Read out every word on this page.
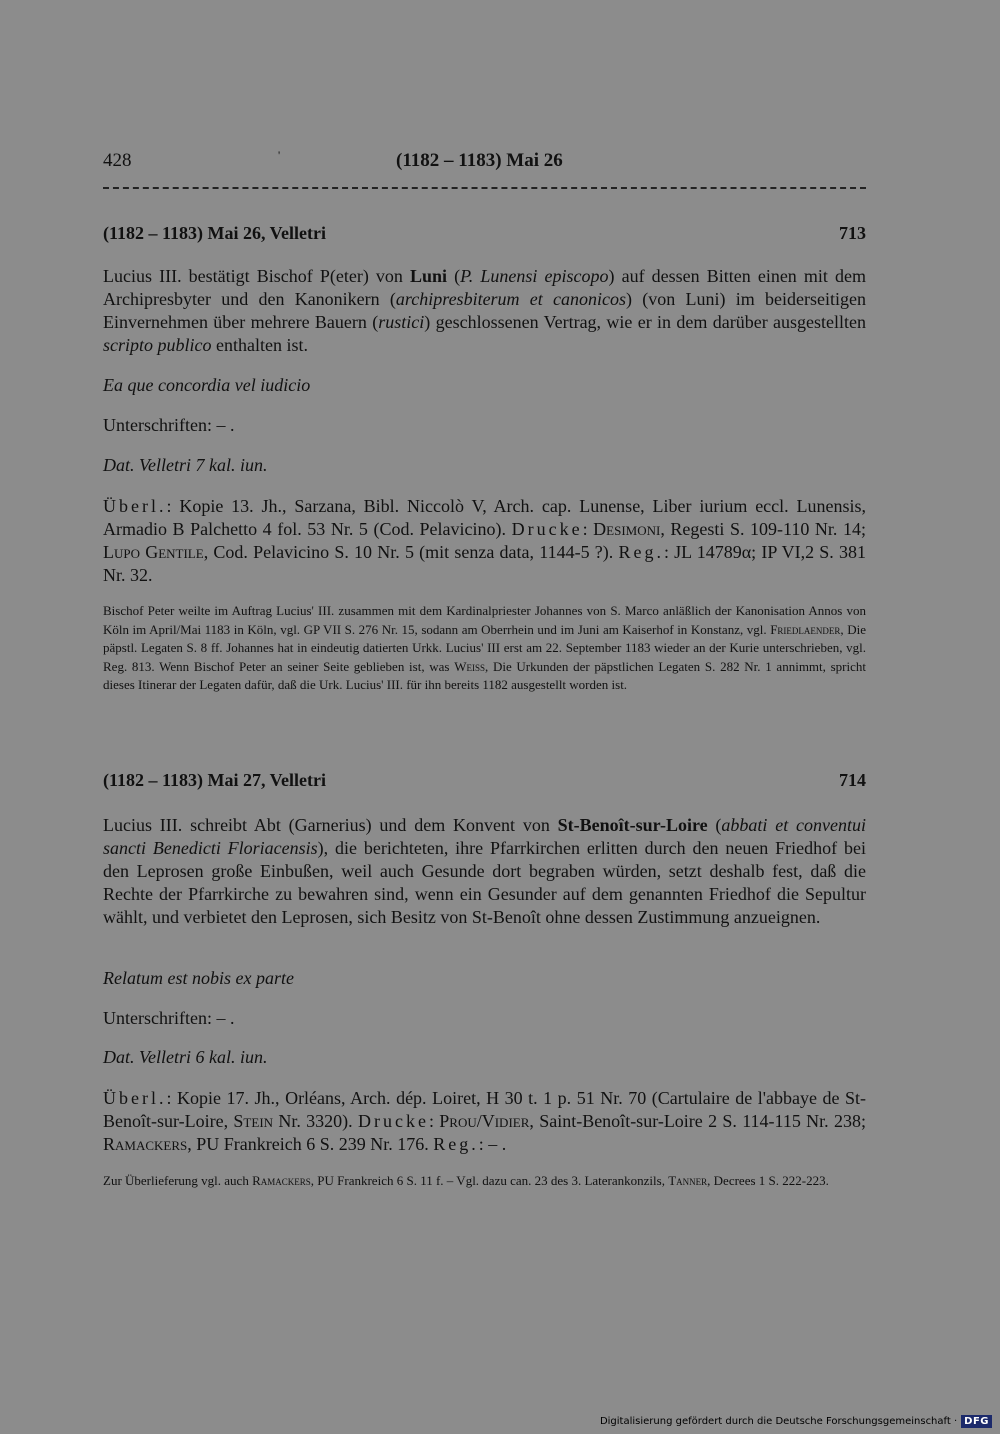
428	'	(1182 – 1183) Mai 26
(1182 – 1183) Mai 26, Velletri	713
Lucius III. bestätigt Bischof P(eter) von Luni (P. Lunensi episcopo) auf dessen Bitten einen mit dem Archipresbyter und den Kanonikern (archipresbiterum et canonicos) (von Luni) im beiderseitigen Einvernehmen über mehrere Bauern (rustici) geschlossenen Vertrag, wie er in dem darüber ausgestellten scripto publico enthalten ist.
Ea que concordia vel iudicio
Unterschriften: – .
Dat. Velletri 7 kal. iun.
Überl.: Kopie 13. Jh., Sarzana, Bibl. Niccolò V, Arch. cap. Lunense, Liber iurium eccl. Lunensis, Armadio B Palchetto 4 fol. 53 Nr. 5 (Cod. Pelavicino). Drucke: Desimoni, Regesti S. 109-110 Nr. 14; Lupo Gentile, Cod. Pelavicino S. 10 Nr. 5 (mit senza data, 1144-5 ?). Reg.: JL 14789α; IP VI,2 S. 381 Nr. 32.
Bischof Peter weilte im Auftrag Lucius' III. zusammen mit dem Kardinalpriester Johannes von S. Marco anläßlich der Kanonisation Annos von Köln im April/Mai 1183 in Köln, vgl. GP VII S. 276 Nr. 15, sodann am Oberrhein und im Juni am Kaiserhof in Konstanz, vgl. Friedlaender, Die päpstl. Legaten S. 8 ff. Johannes hat in eindeutig datierten Urkk. Lucius' III erst am 22. September 1183 wieder an der Kurie unterschrieben, vgl. Reg. 813. Wenn Bischof Peter an seiner Seite geblieben ist, was Weiss, Die Urkunden der päpstlichen Legaten S. 282 Nr. 1 annimmt, spricht dieses Itinerar der Legaten dafür, daß die Urk. Lucius' III. für ihn bereits 1182 ausgestellt worden ist.
(1182 – 1183) Mai 27, Velletri	714
Lucius III. schreibt Abt (Garnerius) und dem Konvent von St-Benoît-sur-Loire (abbati et conventui sancti Benedicti Floriacensis), die berichteten, ihre Pfarrkirchen erlitten durch den neuen Friedhof bei den Leprosen große Einbußen, weil auch Gesunde dort begraben würden, setzt deshalb fest, daß die Rechte der Pfarrkirche zu bewahren sind, wenn ein Gesunder auf dem genannten Friedhof die Sepultur wählt, und verbietet den Leprosen, sich Besitz von St-Benoît ohne dessen Zustimmung anzueignen.
Relatum est nobis ex parte
Unterschriften: – .
Dat. Velletri 6 kal. iun.
Überl.: Kopie 17. Jh., Orléans, Arch. dép. Loiret, H 30 t. 1 p. 51 Nr. 70 (Cartulaire de l'abbaye de St-Benoît-sur-Loire, Stein Nr. 3320). Drucke: Prou/Vidier, Saint-Benoît-sur-Loire 2 S. 114-115 Nr. 238; Ramackers, PU Frankreich 6 S. 239 Nr. 176. Reg.: – .
Zur Überlieferung vgl. auch Ramackers, PU Frankreich 6 S. 11 f. – Vgl. dazu can. 23 des 3. Laterankonzils, Tanner, Decrees 1 S. 222-223.
Digitalisierung gefördert durch die Deutsche Forschungsgemeinschaft · DFG
